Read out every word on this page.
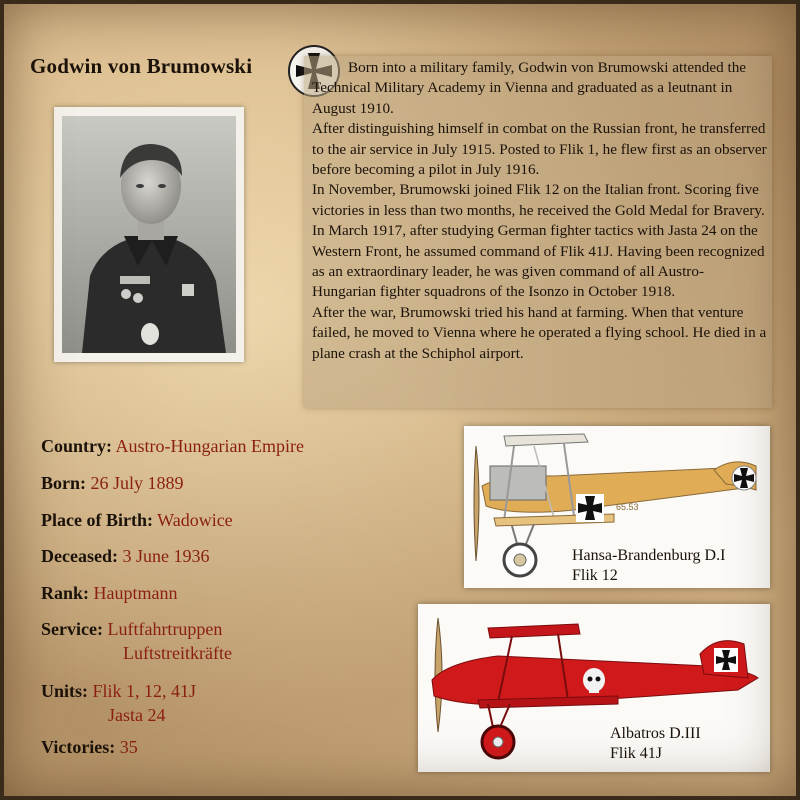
Godwin von Brumowski	Born into a military family, Godwin von Brumowski attended the Technical Military Academy in Vienna and graduated as a leutnant in August 1910.

After distinguishing himself in combat on the Russian front, he transferred to the air service in July 1915. Posted to Flik 1, he flew first as an observer before becoming a pilot in July 1916.

In November, Brumowski joined Flik 12 on the Italian front. Scoring five victories in less than two months, he received the Gold Medal for Bravery.

In March 1917, after studying German fighter tactics with Jasta 24 on the Western Front, he assumed command of Flik 41J. Having been recognized as an extraordinary leader, he was given command of all Austro-Hungarian fighter squadrons of the Isonzo in October 1918.

After the war, Brumowski tried his hand at farming. When that venture failed, he moved to Vienna where he operated a flying school. He died in a plane crash at the Schiphol airport.

Country: Austro-Hungarian Empire
Born: 26 July 1889
Place of Birth: Wadowice
Deceased: 3 June 1936
Rank: Hauptmann
Service: Luftfahrtruppen
Luftstreitkräfte
Units: Flik 1, 12, 41J
Jasta 24
Victories: 35
65.53
Hansa-Brandenburg D.I
Flik 12
Albatros D.III
Flik 41J
